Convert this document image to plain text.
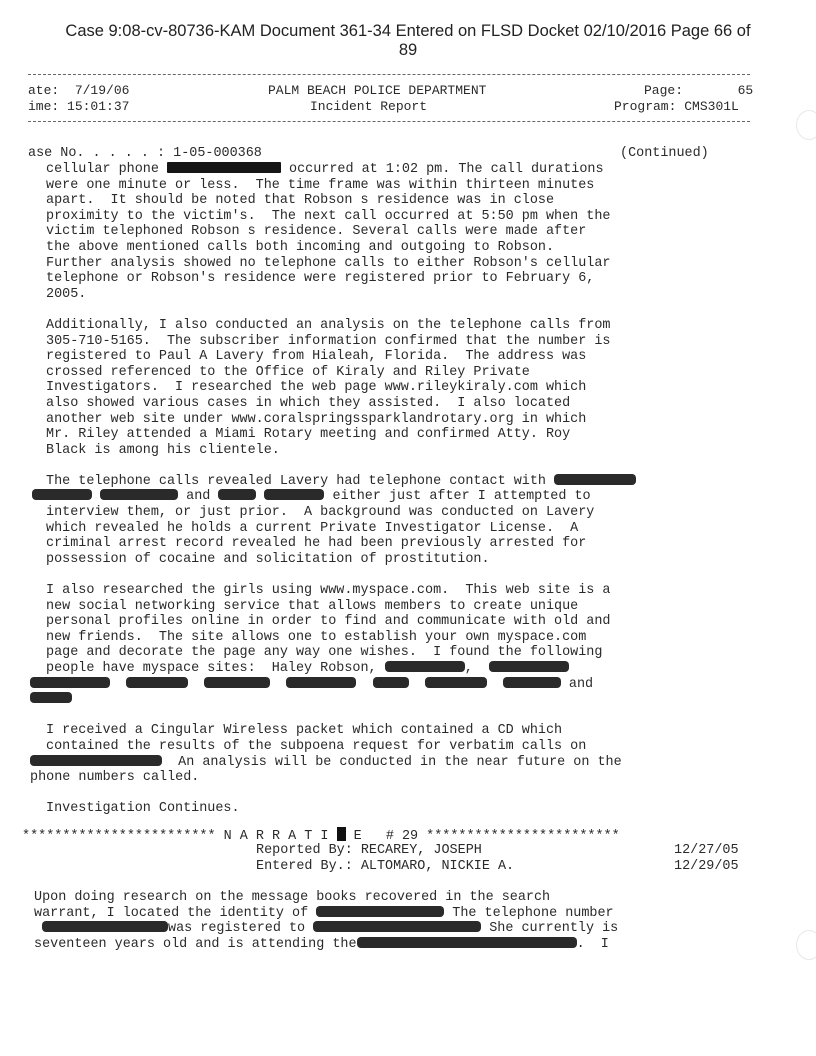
Case 9:08-cv-80736-KAM Document 361-34 Entered on FLSD Docket 02/10/2016 Page 66 of
89
ate: 7/19/06
ime: 15:01:37
PALM BEACH POLICE DEPARTMENT
Incident Report
Page:	65
Program: CMS301L
ase No. . . . . : 1-05-000368	(Continued)
cellular phone	occurred at 1:02 pm. The call durations
were one minute or less.  The time frame was within thirteen minutes
apart.  It should be noted that Robson s residence was in close
proximity to the victim's.  The next call occurred at 5:50 pm when the
victim telephoned Robson s residence. Several calls were made after
the above mentioned calls both incoming and outgoing to Robson.
Further analysis showed no telephone calls to either Robson's cellular
telephone or Robson's residence were registered prior to February 6,
2005.
Additionally, I also conducted an analysis on the telephone calls from
305-710-5165.  The subscriber information confirmed that the number is
registered to Paul A Lavery from Hialeah, Florida.  The address was
crossed referenced to the Office of Kiraly and Riley Private
Investigators.  I researched the web page www.rileykiraly.com which
also showed various cases in which they assisted.  I also located
another web site under www.coralspringssparklandrotary.org in which
Mr. Riley attended a Miami Rotary meeting and confirmed Atty. Roy
Black is among his clientele.
The telephone calls revealed Lavery had telephone contact with
and	either just after I attempted to
interview them, or just prior.  A background was conducted on Lavery
which revealed he holds a current Private Investigator License.  A
criminal arrest record revealed he had been previously arrested for
possession of cocaine and solicitation of prostitution.
I also researched the girls using www.myspace.com.  This web site is a
new social networking service that allows members to create unique
personal profiles online in order to find and communicate with old and
new friends.  The site allows one to establish your own myspace.com
page and decorate the page any way one wishes.  I found the following
people have myspace sites:  Haley Robson,	,
and
I received a Cingular Wireless packet which contained a CD which
contained the results of the subpoena request for verbatim calls on
An analysis will be conducted in the near future on the
phone numbers called.
Investigation Continues.
************************ N A R R A T I  E   # 29 ************************
Reported By: RECAREY, JOSEPH	12/27/05
Entered By.: ALTOMARO, NICKIE A.	12/29/05
Upon doing research on the message books recovered in the search
warrant, I located the identity of	The telephone number
was registered to	She currently is
seventeen years old and is attending the	.  I
